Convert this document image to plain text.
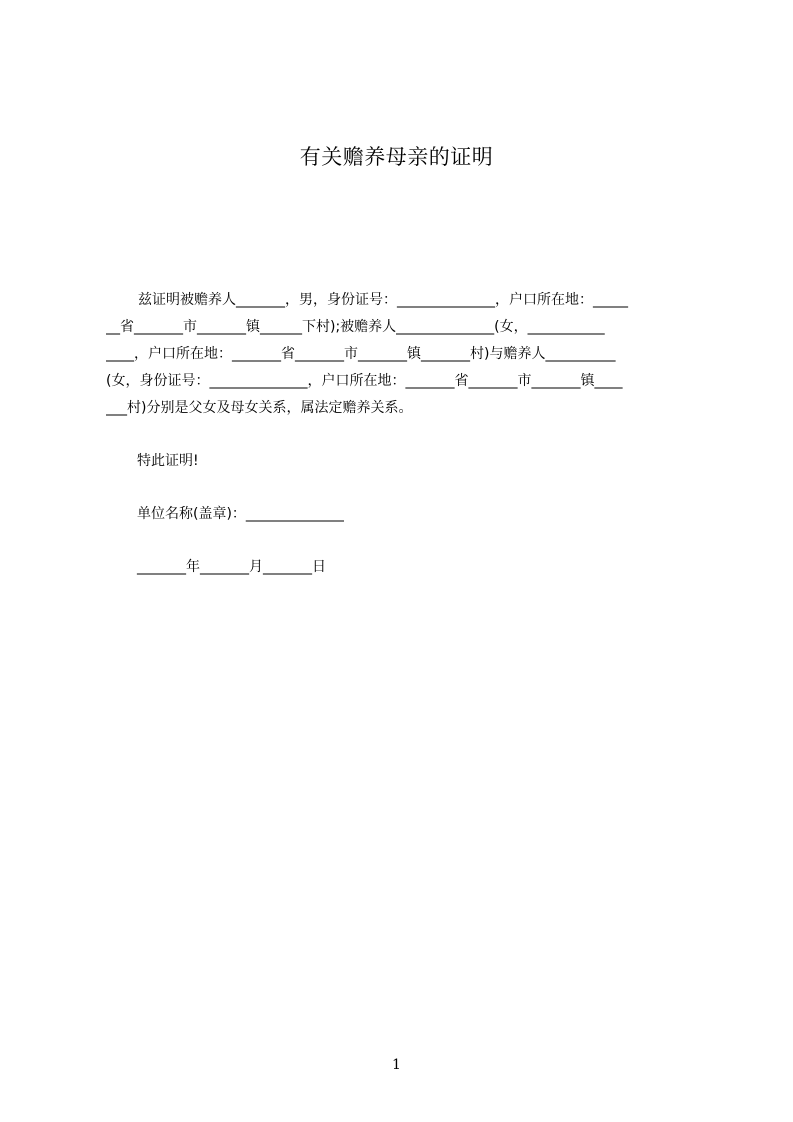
有关赡养母亲的证明
兹证明被赡养人_______，男，身份证号：______________，户口所在地：_____
__省_______市_______镇______下村);被赡养人______________(女，___________
____，户口所在地：_______省_______市_______镇_______村)与赡养人__________
(女，身份证号：______________，户口所在地：_______省_______市_______镇____
___村)分别是父女及母女关系，属法定赡养关系。
特此证明!
单位名称(盖章)：______________
_______年_______月_______日
1
